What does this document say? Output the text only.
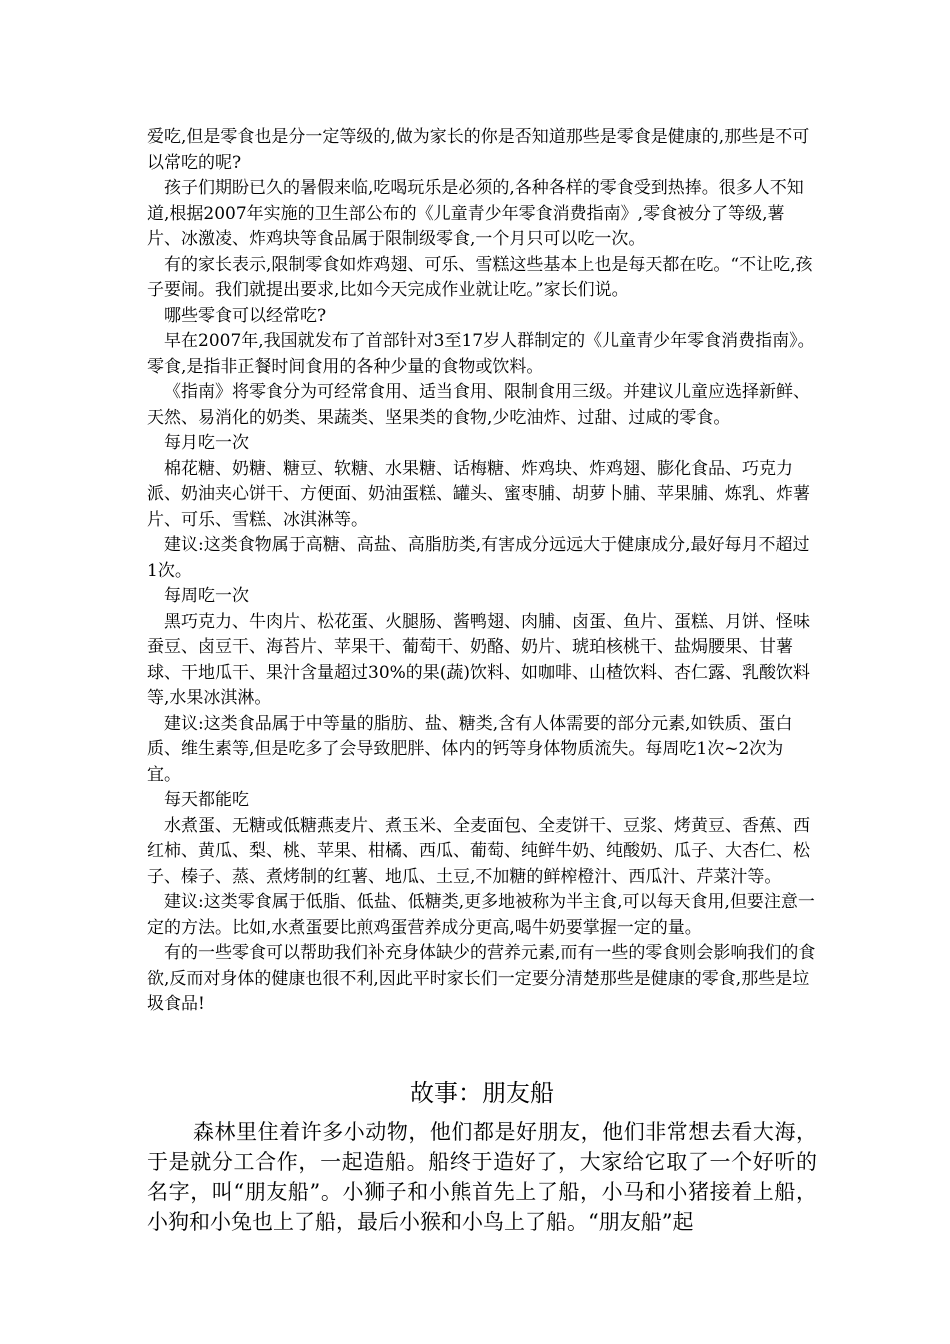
爱吃,但是零食也是分一定等级的,做为家长的你是否知道那些是零食是健康的,那些是不可以常吃的呢?

孩子们期盼已久的暑假来临,吃喝玩乐是必须的,各种各样的零食受到热捧。很多人不知道,根据2007年实施的卫生部公布的《儿童青少年零食消费指南》,零食被分了等级,薯片、冰激凌、炸鸡块等食品属于限制级零食,一个月只可以吃一次。

有的家长表示,限制零食如炸鸡翅、可乐、雪糕这些基本上也是每天都在吃。“不让吃,孩子要闹。我们就提出要求,比如今天完成作业就让吃。”家长们说。

哪些零食可以经常吃?

早在2007年,我国就发布了首部针对3至17岁人群制定的《儿童青少年零食消费指南》。零食,是指非正餐时间食用的各种少量的食物或饮料。

《指南》将零食分为可经常食用、适当食用、限制食用三级。并建议儿童应选择新鲜、天然、易消化的奶类、果蔬类、坚果类的食物,少吃油炸、过甜、过咸的零食。

每月吃一次

棉花糖、奶糖、糖豆、软糖、水果糖、话梅糖、炸鸡块、炸鸡翅、膨化食品、巧克力派、奶油夹心饼干、方便面、奶油蛋糕、罐头、蜜枣脯、胡萝卜脯、苹果脯、炼乳、炸薯片、可乐、雪糕、冰淇淋等。

建议:这类食物属于高糖、高盐、高脂肪类,有害成分远远大于健康成分,最好每月不超过1次。

每周吃一次

黑巧克力、牛肉片、松花蛋、火腿肠、酱鸭翅、肉脯、卤蛋、鱼片、蛋糕、月饼、怪味蚕豆、卤豆干、海苔片、苹果干、葡萄干、奶酪、奶片、琥珀核桃干、盐焗腰果、甘薯球、干地瓜干、果汁含量超过30%的果(蔬)饮料、如咖啡、山楂饮料、杏仁露、乳酸饮料等,水果冰淇淋。

建议:这类食品属于中等量的脂肪、盐、糖类,含有人体需要的部分元素,如铁质、蛋白质、维生素等,但是吃多了会导致肥胖、体内的钙等身体物质流失。每周吃1次~2次为宜。

每天都能吃

水煮蛋、无糖或低糖燕麦片、煮玉米、全麦面包、全麦饼干、豆浆、烤黄豆、香蕉、西红柿、黄瓜、梨、桃、苹果、柑橘、西瓜、葡萄、纯鲜牛奶、纯酸奶、瓜子、大杏仁、松子、榛子、蒸、煮烤制的红薯、地瓜、土豆,不加糖的鲜榨橙汁、西瓜汁、芹菜汁等。

建议:这类零食属于低脂、低盐、低糖类,更多地被称为半主食,可以每天食用,但要注意一定的方法。比如,水煮蛋要比煎鸡蛋营养成分更高,喝牛奶要掌握一定的量。

有的一些零食可以帮助我们补充身体缺少的营养元素,而有一些的零食则会影响我们的食欲,反而对身体的健康也很不利,因此平时家长们一定要分清楚那些是健康的零食,那些是垃圾食品!

故事：朋友船

森林里住着许多小动物，他们都是好朋友，他们非常想去看大海，于是就分工合作，一起造船。船终于造好了，大家给它取了一个好听的名字，叫“朋友船”。小狮子和小熊首先上了船，小马和小猪接着上船，小狗和小兔也上了船，最后小猴和小鸟上了船。“朋友船”起
